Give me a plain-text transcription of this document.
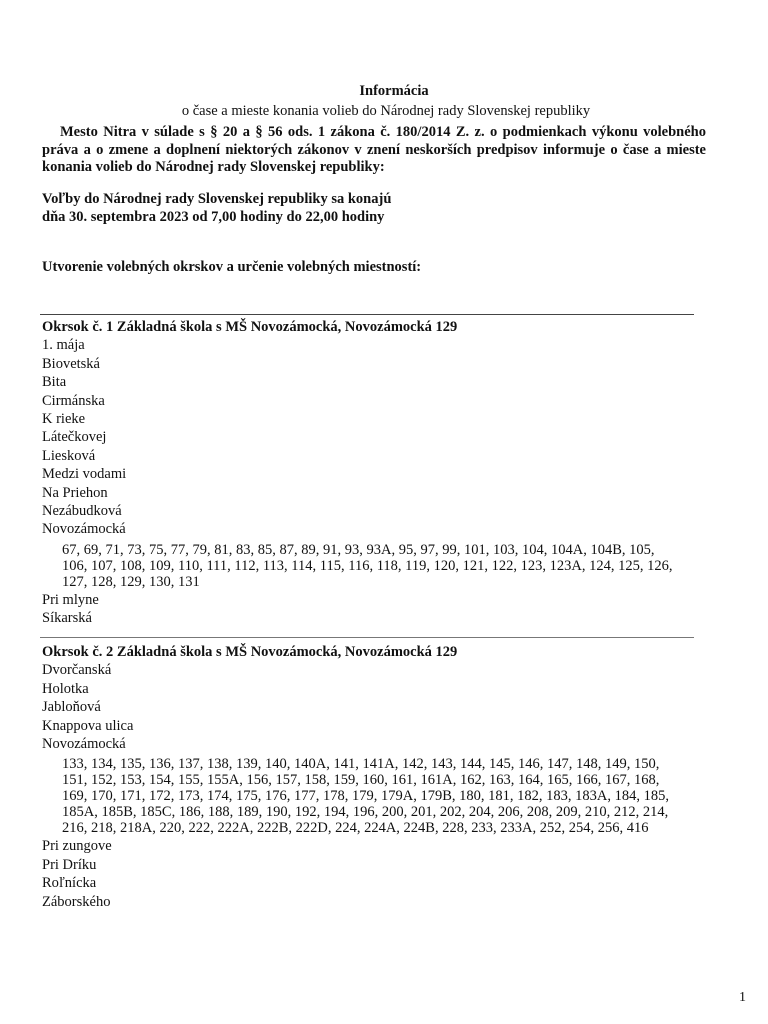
Informácia
o čase a mieste konania volieb do Národnej rady Slovenskej republiky

Mesto Nitra v súlade s § 20 a § 56 ods. 1 zákona č. 180/2014 Z. z. o podmienkach výkonu volebného práva a o zmene a doplnení niektorých zákonov v znení neskorších predpisov informuje o čase a mieste konania volieb do Národnej rady Slovenskej republiky:

Voľby do Národnej rady Slovenskej republiky sa konajú
dňa 30. septembra 2023 od 7,00 hodiny do 22,00 hodiny
Utvorenie volebných okrskov a určenie volebných miestností:
Okrsok č. 1 Základná škola s MŠ Novozámocká, Novozámocká 129
1. mája
Biovetská
Bita
Cirmánska
K rieke
Látečkovej
Liesková
Medzi vodami
Na Priehon
Nezábudková
Novozámocká
67, 69, 71, 73, 75, 77, 79, 81, 83, 85, 87, 89, 91, 93, 93A, 95, 97, 99, 101, 103, 104, 104A, 104B, 105, 106, 107, 108, 109, 110, 111, 112, 113, 114, 115, 116, 118, 119, 120, 121, 122, 123, 123A, 124, 125, 126, 127, 128, 129, 130, 131
Pri mlyne
Síkarská
Okrsok č. 2 Základná škola s MŠ Novozámocká, Novozámocká 129
Dvorčanská
Holotka
Jabloňová
Knappova ulica
Novozámocká
133, 134, 135, 136, 137, 138, 139, 140, 140A, 141, 141A, 142, 143, 144, 145, 146, 147, 148, 149, 150, 151, 152, 153, 154, 155, 155A, 156, 157, 158, 159, 160, 161, 161A, 162, 163, 164, 165, 166, 167, 168, 169, 170, 171, 172, 173, 174, 175, 176, 177, 178, 179, 179A, 179B, 180, 181, 182, 183, 183A, 184, 185, 185A, 185B, 185C, 186, 188, 189, 190, 192, 194, 196, 200, 201, 202, 204, 206, 208, 209, 210, 212, 214, 216, 218, 218A, 220, 222, 222A, 222B, 222D, 224, 224A, 224B, 228, 233, 233A, 252, 254, 256, 416
Pri zungove
Pri Dríku
Roľnícka
Záborského
1
